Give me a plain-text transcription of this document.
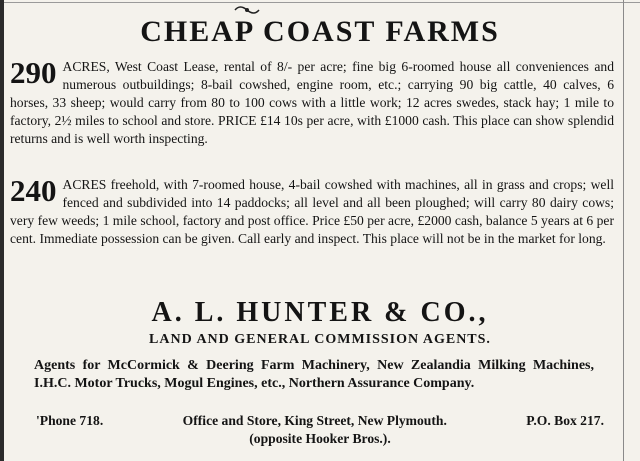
CHEAP COAST FARMS
290 ACRES, West Coast Lease, rental of 8/- per acre; fine big 6-roomed house all conveniences and numerous outbuildings; 8-bail cowshed, engine room, etc.; carrying 90 big cattle, 40 calves, 6 horses, 33 sheep; would carry from 80 to 100 cows with a little work; 12 acres swedes, stack hay; 1 mile to factory, 2½ miles to school and store. PRICE £14 10s per acre, with £1000 cash. This place can show splendid returns and is well worth inspecting.
240 ACRES freehold, with 7-roomed house, 4-bail cowshed with machines, all in grass and crops; well fenced and subdivided into 14 paddocks; all level and all been ploughed; will carry 80 dairy cows; very few weeds; 1 mile school, factory and post office. Price £50 per acre, £2000 cash, balance 5 years at 6 per cent. Immediate possession can be given. Call early and inspect. This place will not be in the market for long.
A. L. HUNTER & CO.,
LAND AND GENERAL COMMISSION AGENTS.
Agents for McCormick & Deering Farm Machinery, New Zealandia Milking Machines, I.H.C. Motor Trucks, Mogul Engines, etc., Northern Assurance Company.
'Phone 718.	Office and Store, King Street, New Plymouth.	P.O. Box 217.
(opposite Hooker Bros.).
